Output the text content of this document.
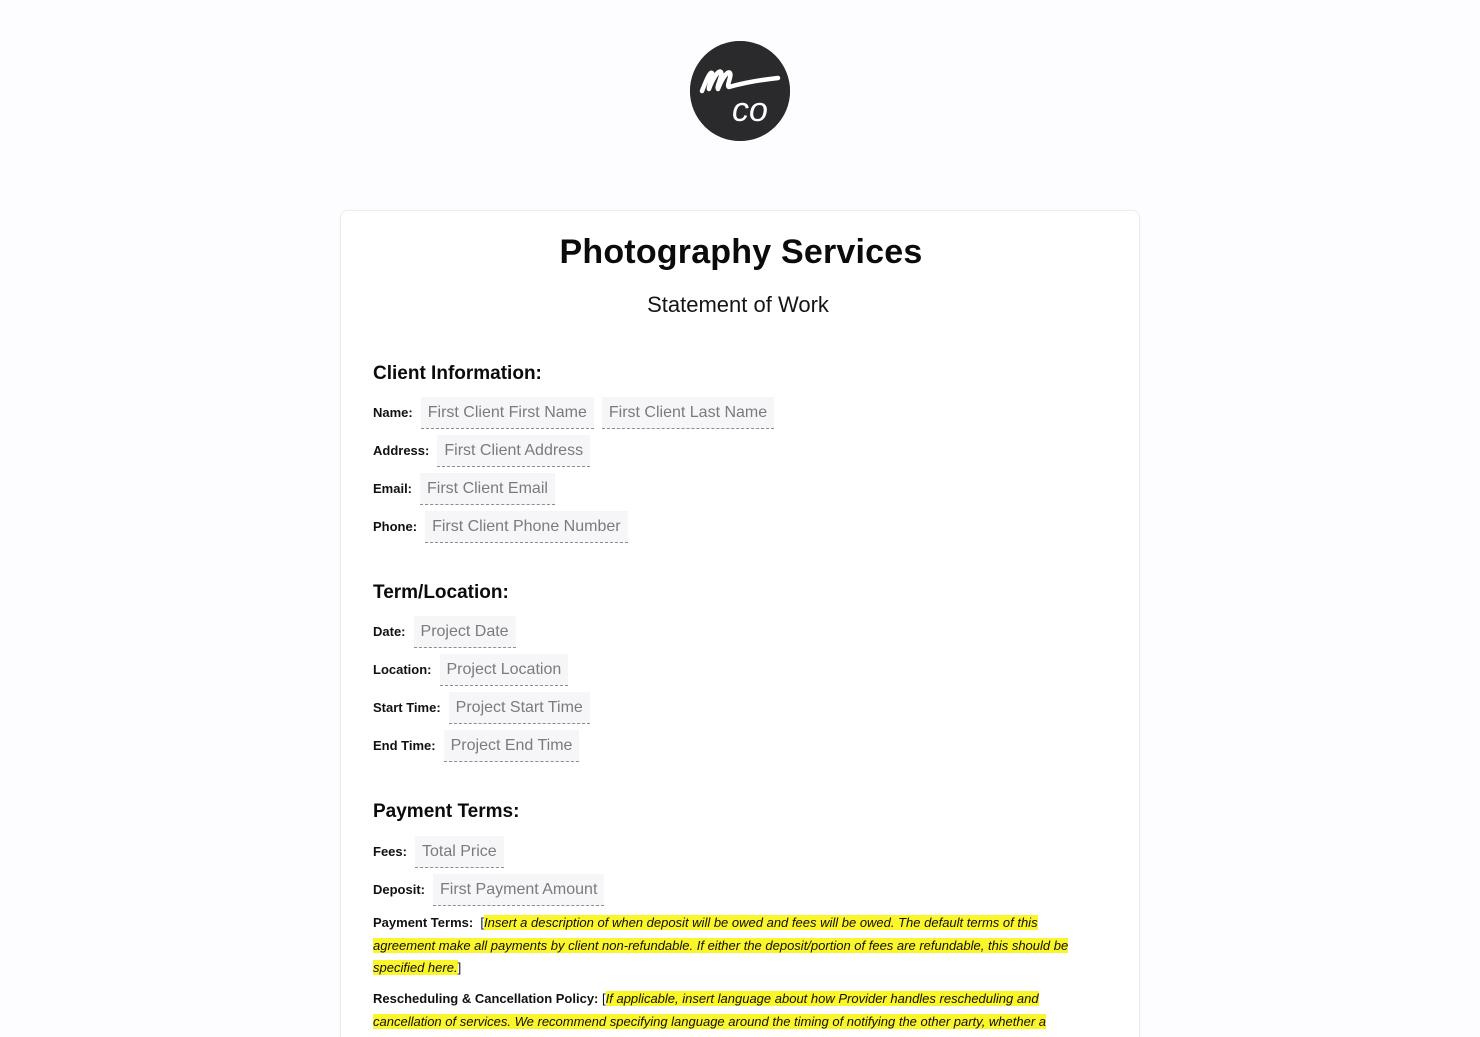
co
Photography Services
Statement of Work
Client Information:
Name: First Client First Name	First Client Last Name
Address: First Client Address
Email: First Client Email
Phone: First Client Phone Number
Term/Location:
Date: Project Date
Location: Project Location
Start Time: Project Start Time
End Time: Project End Time
Payment Terms:
Fees: Total Price
Deposit: First Payment Amount
Payment Terms: [Insert a description of when deposit will be owed and fees will be owed. The default terms of this agreement make all payments by client non-refundable. If either the deposit/portion of fees are refundable, this should be specified here.]
Rescheduling & Cancellation Policy: [If applicable, insert language about how Provider handles rescheduling and cancellation of services. We recommend specifying language around the timing of notifying the other party, whether a
